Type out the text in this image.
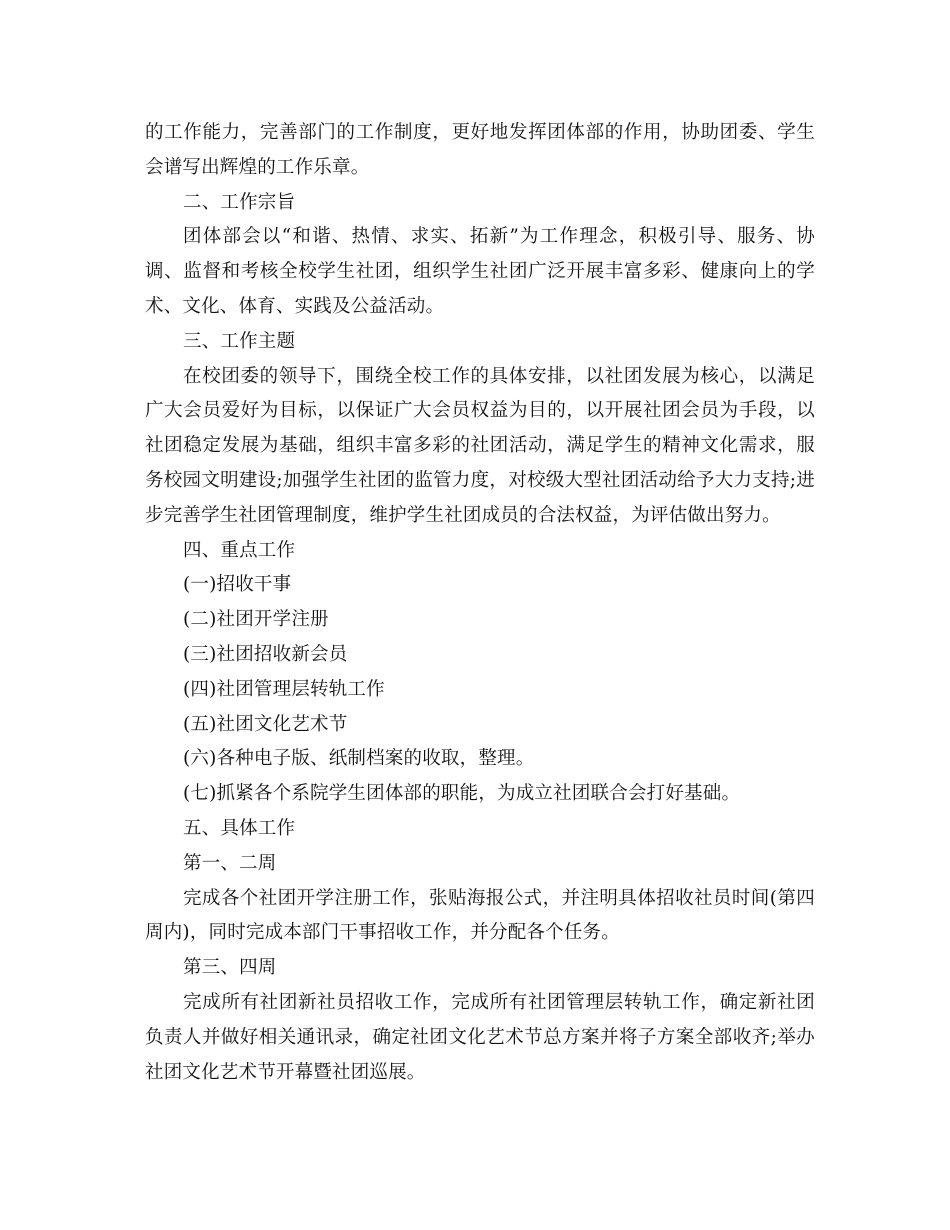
的工作能力，完善部门的工作制度，更好地发挥团体部的作用，协助团委、学生会谱写出辉煌的工作乐章。

二、工作宗旨

团体部会以“和谐、热情、求实、拓新”为工作理念，积极引导、服务、协调、监督和考核全校学生社团，组织学生社团广泛开展丰富多彩、健康向上的学术、文化、体育、实践及公益活动。

三、工作主题

在校团委的领导下，围绕全校工作的具体安排，以社团发展为核心，以满足广大会员爱好为目标，以保证广大会员权益为目的，以开展社团会员为手段，以社团稳定发展为基础，组织丰富多彩的社团活动，满足学生的精神文化需求，服务校园文明建设;加强学生社团的监管力度，对校级大型社团活动给予大力支持;进步完善学生社团管理制度，维护学生社团成员的合法权益，为评估做出努力。

四、重点工作

(一)招收干事

(二)社团开学注册

(三)社团招收新会员

(四)社团管理层转轨工作

(五)社团文化艺术节

(六)各种电子版、纸制档案的收取，整理。

(七)抓紧各个系院学生团体部的职能，为成立社团联合会打好基础。

五、具体工作

第一、二周

完成各个社团开学注册工作，张贴海报公式，并注明具体招收社员时间(第四周内)，同时完成本部门干事招收工作，并分配各个任务。

第三、四周

完成所有社团新社员招收工作，完成所有社团管理层转轨工作，确定新社团负责人并做好相关通讯录，确定社团文化艺术节总方案并将子方案全部收齐;举办社团文化艺术节开幕暨社团巡展。
